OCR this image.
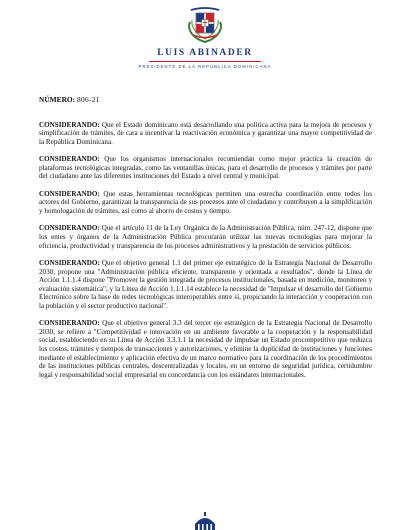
LUIS ABINADER
PRESIDENTE DE LA REPÚBLICA DOMINICANA
NÚMERO: 806-21

CONSIDERANDO: Que el Estado dominicano está desarrollando una política activa para la mejora de procesos y simplificación de trámites, de cara a incentivar la reactivación económica y garantizar una mayor competitividad de la República Dominicana.

CONSIDERANDO: Que los organismos internacionales recomiendan como mejor práctica la creación de plataformas tecnológicas integradas, como las ventanillas únicas, para el desarrollo de procesos y trámites por parte del ciudadano ante las diferentes instituciones del Estado a nivel central y municipal.

CONSIDERANDO: Que estas herramientas tecnológicas permiten una estrecha coordinación entre todos los actores del Gobierno, garantizan la transparencia de sus procesos ante el ciudadano y contribuyen a la simplificación y homologación de trámites, así como al ahorro de costos y tiempo.

CONSIDERANDO: Que el artículo 11 de la Ley Orgánica de la Administración Pública, núm. 247-12, dispone que los entes y órganos de la Administración Pública procurarán utilizar las nuevas tecnologías para mejorar la eficiencia, productividad y transparencia de los procesos administrativos y la prestación de servicios públicos.

CONSIDERANDO: Que el objetivo general 1.1 del primer eje estratégico de la Estrategia Nacional de Desarrollo 2030, propone una "Administración pública eficiente, transparente y orientada a resultados", donde la Línea de Acción 1.1.1.4 dispone "Promover la gestión integrada de procesos institucionales, basada en medición, monitoreo y evaluación sistemática"; y la Línea de Acción 1.1.1.14 establece la necesidad de "Impulsar el desarrollo del Gobierno Electrónico sobre la base de redes tecnológicas interoperables entre sí, propiciando la interacción y cooperación con la población y el sector productivo nacional".

CONSIDERANDO: Que el objetivo general 3.3 del tercer eje estratégico de la Estrategia Nacional de Desarrollo 2030, se refiere a "Competitividad e innovación en un ambiente favorable a la cooperación y la responsabilidad social, estableciendo en su Línea de Acción 3.3.1.1 la necesidad de impulsar un Estado procompetitivo que reduzca los costos, trámites y tiempos de transacciones y autorizaciones, y elimine la duplicidad de instituciones y funciones mediante el establecimiento y aplicación efectiva de un marco normativo para la coordinación de los procedimientos de las instituciones públicas centrales, descentralizadas y locales, en un entorno de seguridad jurídica, certidumbre legal y responsabilidad social empresarial en concordancia con los estándares internacionales.
